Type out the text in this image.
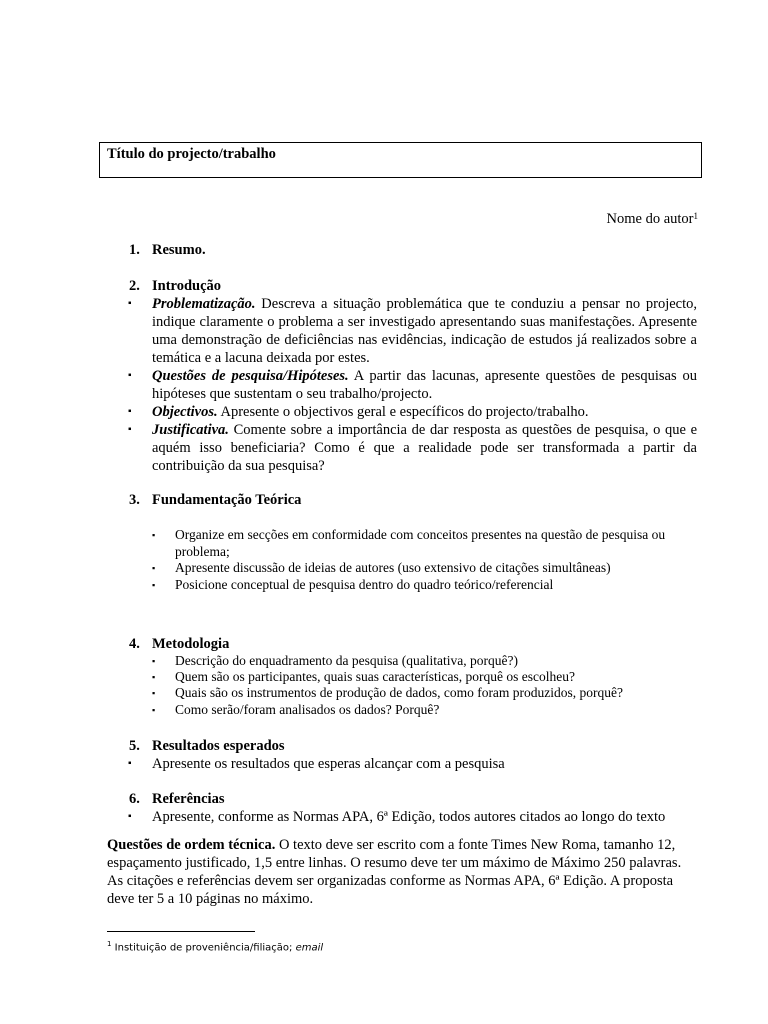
Título do projecto/trabalho
Nome do autor$^1$
1. Resumo.
2. Introdução
▪ Problematização. Descreva a situação problemática que te conduziu a pensar no projecto, indique claramente o problema a ser investigado apresentando suas manifestações. Apresente uma demonstração de deficiências nas evidências, indicação de estudos já realizados sobre a temática e a lacuna deixada por estes.
▪ Questões de pesquisa/Hipóteses. A partir das lacunas, apresente questões de pesquisas ou hipóteses que sustentam o seu trabalho/projecto.
▪ Objectivos. Apresente o objectivos geral e específicos do projecto/trabalho.
▪ Justificativa. Comente sobre a importância de dar resposta as questões de pesquisa, o que e aquém isso beneficiaria? Como é que a realidade pode ser transformada a partir da contribuição da sua pesquisa?
3. Fundamentação Teórica
▪ Organize em secções em conformidade com conceitos presentes na questão de pesquisa ou problema;
▪ Apresente discussão de ideias de autores (uso extensivo de citações simultâneas)
▪ Posicione conceptual de pesquisa dentro do quadro teórico/referencial
4. Metodologia
▪ Descrição do enquadramento da pesquisa (qualitativa, porquê?)
▪ Quem são os participantes, quais suas características, porquê os escolheu?
▪ Quais são os instrumentos de produção de dados, como foram produzidos, porquê?
▪ Como serão/foram analisados os dados? Porquê?
5. Resultados esperados
▪ Apresente os resultados que esperas alcançar com a pesquisa
6. Referências
▪ Apresente, conforme as Normas APA, 6ª Edição, todos autores citados ao longo do texto
Questões de ordem técnica. O texto deve ser escrito com a fonte Times New Roma, tamanho 12, espaçamento justificado, 1,5 entre linhas. O resumo deve ter um máximo de Máximo 250 palavras. As citações e referências devem ser organizadas conforme as Normas APA, 6ª Edição. A proposta deve ter 5 a 10 páginas no máximo.
$^1$ Instituição de proveniência/filiação; email
